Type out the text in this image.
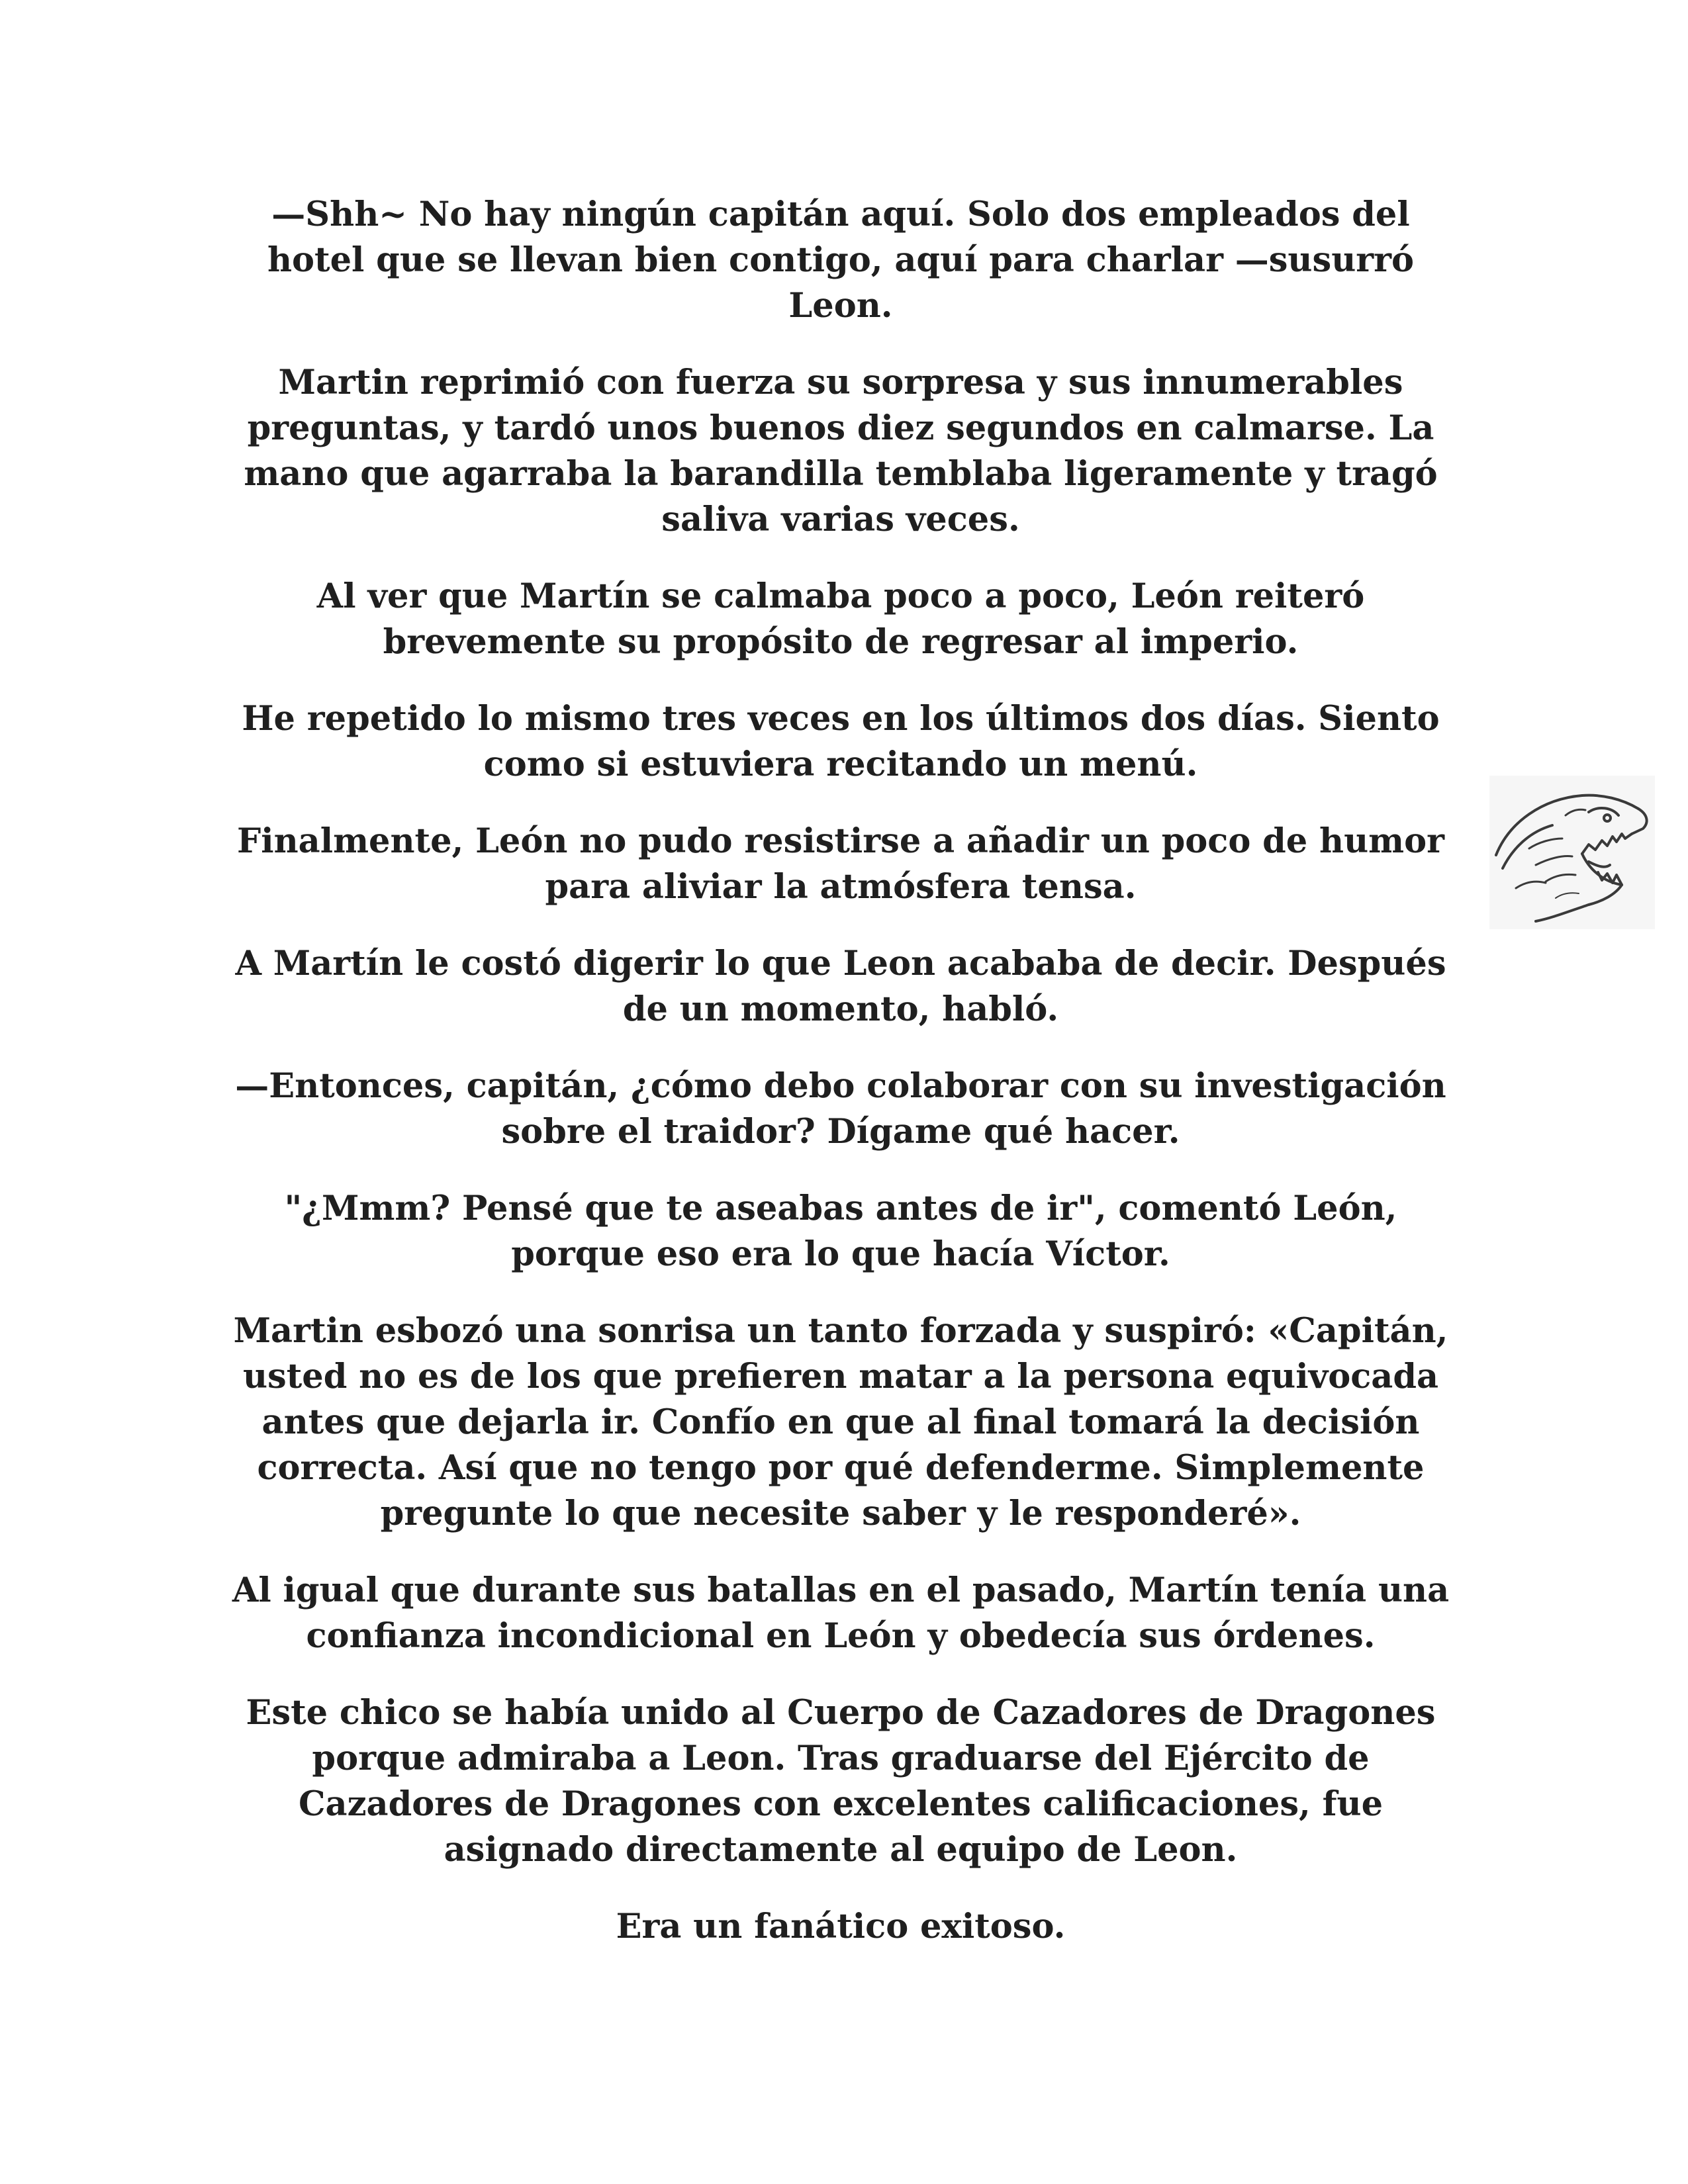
—Shh~ No hay ningún capitán aquí. Solo dos empleados del hotel que se llevan bien contigo, aquí para charlar —susurró Leon.

Martin reprimió con fuerza su sorpresa y sus innumerables preguntas, y tardó unos buenos diez segundos en calmarse. La mano que agarraba la barandilla temblaba ligeramente y tragó saliva varias veces.

Al ver que Martín se calmaba poco a poco, León reiteró brevemente su propósito de regresar al imperio.

He repetido lo mismo tres veces en los últimos dos días. Siento como si estuviera recitando un menú.

Finalmente, León no pudo resistirse a añadir un poco de humor para aliviar la atmósfera tensa.

A Martín le costó digerir lo que Leon acababa de decir. Después de un momento, habló.

—Entonces, capitán, ¿cómo debo colaborar con su investigación sobre el traidor? Dígame qué hacer.

"¿Mmm? Pensé que te aseabas antes de ir", comentó León, porque eso era lo que hacía Víctor.

Martin esbozó una sonrisa un tanto forzada y suspiró: «Capitán, usted no es de los que prefieren matar a la persona equivocada antes que dejarla ir. Confío en que al final tomará la decisión correcta. Así que no tengo por qué defenderme. Simplemente pregunte lo que necesite saber y le responderé».

Al igual que durante sus batallas en el pasado, Martín tenía una confianza incondicional en León y obedecía sus órdenes.

Este chico se había unido al Cuerpo de Cazadores de Dragones porque admiraba a Leon. Tras graduarse del Ejército de Cazadores de Dragones con excelentes calificaciones, fue asignado directamente al equipo de Leon.

Era un fanático exitoso.
